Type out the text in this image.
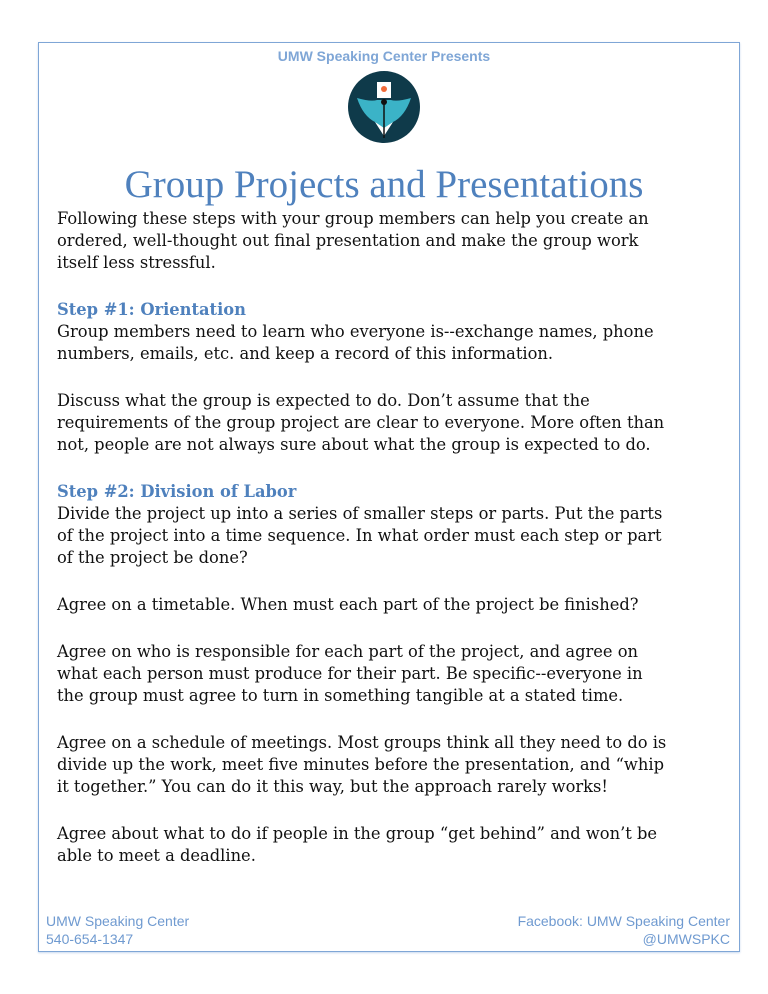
UMW Speaking Center Presents
Group Projects and Presentations
Following these steps with your group members can help you create an
ordered, well-thought out final presentation and make the group work
itself less stressful.
Step #1: Orientation
Group members need to learn who everyone is--exchange names, phone
numbers, emails, etc. and keep a record of this information.
Discuss what the group is expected to do. Don’t assume that the
requirements of the group project are clear to everyone. More often than
not, people are not always sure about what the group is expected to do.
Step #2: Division of Labor
Divide the project up into a series of smaller steps or parts. Put the parts
of the project into a time sequence. In what order must each step or part
of the project be done?
Agree on a timetable. When must each part of the project be finished?
Agree on who is responsible for each part of the project, and agree on
what each person must produce for their part. Be specific--everyone in
the group must agree to turn in something tangible at a stated time.
Agree on a schedule of meetings. Most groups think all they need to do is
divide up the work, meet five minutes before the presentation, and “whip
it together.” You can do it this way, but the approach rarely works!
Agree about what to do if people in the group “get behind” and won’t be
able to meet a deadline.
UMW Speaking Center
540-654-1347
Facebook: UMW Speaking Center
@UMWSPKC
